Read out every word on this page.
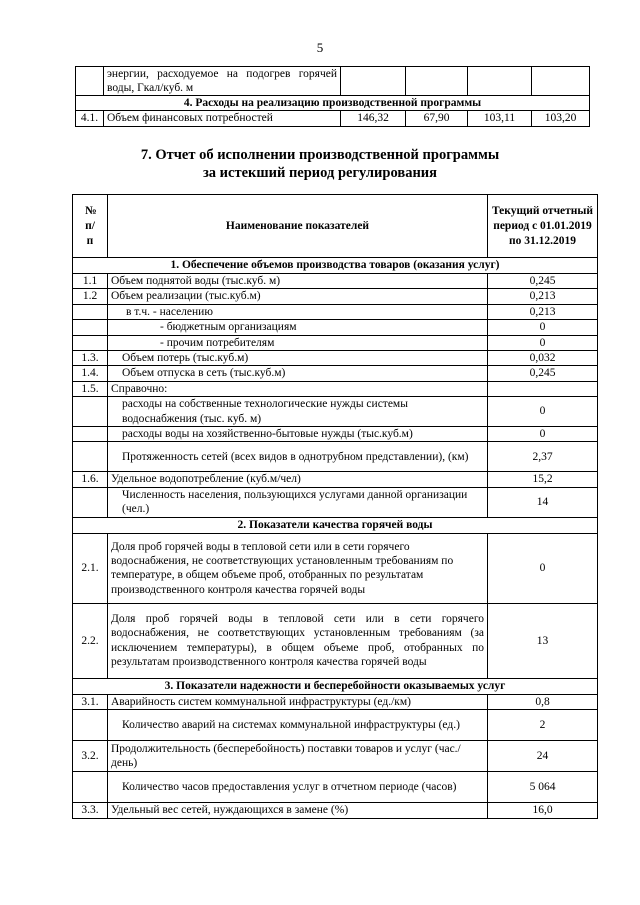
5
	энергии, расходуемое на подогрев горячей воды, Гкал/куб. м				
4. Расходы на реализацию производственной программы					
4.1.	Объем финансовых потребностей	146,32	67,90	103,11	103,20
7. Отчет об исполнении производственной программы
за истекший период регулирования
№ п/п	Наименование показателей	Текущий отчетный период с 01.01.2019 по 31.12.2019
1. Обеспечение объемов производства товаров (оказания услуг)		
1.1	Объем поднятой воды (тыс.куб. м)	0,245
1.2	Объем реализации (тыс.куб.м)	0,213
	в т.ч. - населению	0,213
	- бюджетным организациям	0
	- прочим потребителям	0
1.3.	Объем потерь (тыс.куб.м)	0,032
1.4.	Объем отпуска в сеть (тыс.куб.м)	0,245
1.5.	Справочно:	
	расходы на собственные технологические нужды системы водоснабжения (тыс. куб. м)	0
	расходы воды на хозяйственно-бытовые нужды (тыс.куб.м)	0
	Протяженность сетей (всех видов в однотрубном представлении), (км)	2,37
1.6.	Удельное водопотребление (куб.м/чел)	15,2
	Численность населения, пользующихся услугами данной организации (чел.)	14
2. Показатели качества горячей воды		
2.1.	Доля проб горячей воды в тепловой сети или в сети горячего водоснабжения, не соответствующих установленным требованиям по температуре, в общем объеме проб, отобранных по результатам производственного контроля качества горячей воды	0
2.2.	Доля проб горячей воды в тепловой сети или в сети горячего водоснабжения, не соответствующих установленным требованиям (за исключением температуры), в общем объеме проб, отобранных по результатам производственного контроля качества горячей воды	13
3. Показатели надежности и бесперебойности оказываемых услуг		
3.1.	Аварийность систем коммунальной инфраструктуры (ед./км)	0,8
	Количество аварий на системах коммунальной инфраструктуры (ед.)	2
3.2.	Продолжительность (бесперебойность) поставки товаров и услуг (час./день)	24
	Количество часов предоставления услуг в отчетном периоде (часов)	5 064
3.3.	Удельный вес сетей, нуждающихся в замене (%)	16,0
